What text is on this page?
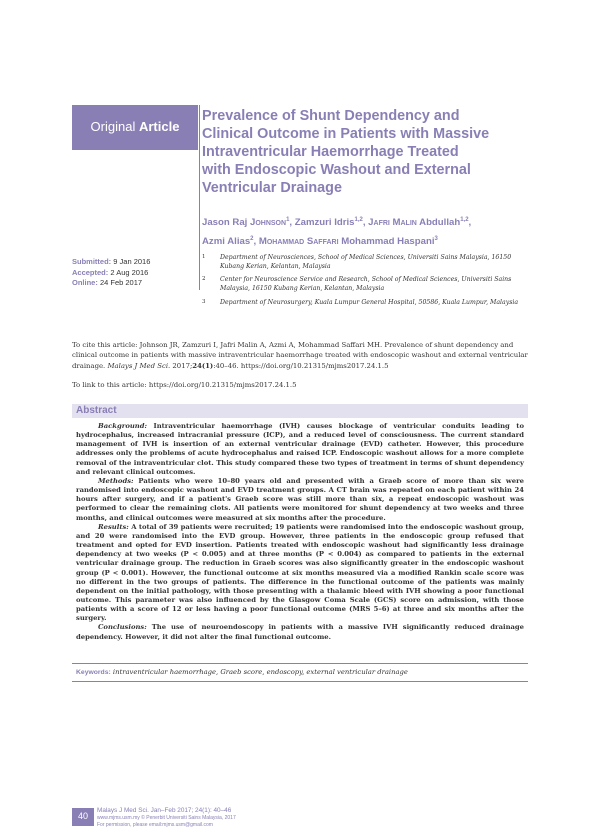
Original Article
Prevalence of Shunt Dependency and
Clinical Outcome in Patients with Massive
Intraventricular Haemorrhage Treated
with Endoscopic Washout and External
Ventricular Drainage
Jason Raj Johnson$^1$, Zamzuri Idris$^{1,2}$, Jafri Malin Abdullah$^{1,2}$,
Azmi Alias$^2$, Mohammad Saffari Mohammad Haspani$^3$
Submitted: 9 Jan 2016
Accepted: 2 Aug 2016
Online: 24 Feb 2017
1 Department of Neurosciences, School of Medical Sciences, Universiti Sains Malaysia, 16150 Kubang Kerian, Kelantan, Malaysia
2 Center for Neuroscience Service and Research, School of Medical Sciences, Universiti Sains Malaysia, 16150 Kubang Kerian, Kelantan, Malaysia
3 Department of Neurosurgery, Kuala Lumpur General Hospital, 50586, Kuala Lumpur, Malaysia
To cite this article: Johnson JR, Zamzuri I, Jafri Malin A, Azmi A, Mohammad Saffari MH. Prevalence of shunt dependency and clinical outcome in patients with massive intraventricular haemorrhage treated with endoscopic washout and external ventricular drainage. Malays J Med Sci. 2017;24(1):40–46. https://doi.org/10.21315/mjms2017.24.1.5
To link to this article: https://doi.org/10.21315/mjms2017.24.1.5
Abstract

Background: Intraventricular haemorrhage (IVH) causes blockage of ventricular conduits leading to hydrocephalus, increased intracranial pressure (ICP), and a reduced level of consciousness. The current standard management of IVH is insertion of an external ventricular drainage (EVD) catheter. However, this procedure addresses only the problems of acute hydrocephalus and raised ICP. Endoscopic washout allows for a more complete removal of the intraventricular clot. This study compared these two types of treatment in terms of shunt dependency and relevant clinical outcomes.

Methods: Patients who were 10–80 years old and presented with a Graeb score of more than six were randomised into endoscopic washout and EVD treatment groups. A CT brain was repeated on each patient within 24 hours after surgery, and if a patient's Graeb score was still more than six, a repeat endoscopic washout was performed to clear the remaining clots. All patients were monitored for shunt dependency at two weeks and three months, and clinical outcomes were measured at six months after the procedure.

Results: A total of 39 patients were recruited; 19 patients were randomised into the endoscopic washout group, and 20 were randomised into the EVD group. However, three patients in the endoscopic group refused that treatment and opted for EVD insertion. Patients treated with endoscopic washout had significantly less drainage dependency at two weeks (P < 0.005) and at three months (P < 0.004) as compared to patients in the external ventricular drainage group. The reduction in Graeb scores was also significantly greater in the endoscopic washout group (P < 0.001). However, the functional outcome at six months measured via a modified Rankin scale score was no different in the two groups of patients. The difference in the functional outcome of the patients was mainly dependent on the initial pathology, with those presenting with a thalamic bleed with IVH showing a poor functional outcome. This parameter was also influenced by the Glasgow Coma Scale (GCS) score on admission, with those patients with a score of 12 or less having a poor functional outcome (MRS 5–6) at three and six months after the surgery.

Conclusions: The use of neuroendoscopy in patients with a massive IVH significantly reduced drainage dependency. However, it did not alter the final functional outcome.

Keywords: intraventricular haemorrhage, Graeb score, endoscopy, external ventricular drainage
40
Malays J Med Sci. Jan–Feb 2017; 24(1): 40–46
www.mjms.usm.my © Penerbit Universiti Sains Malaysia, 2017
For permission, please email:mjms.usm@gmail.com
